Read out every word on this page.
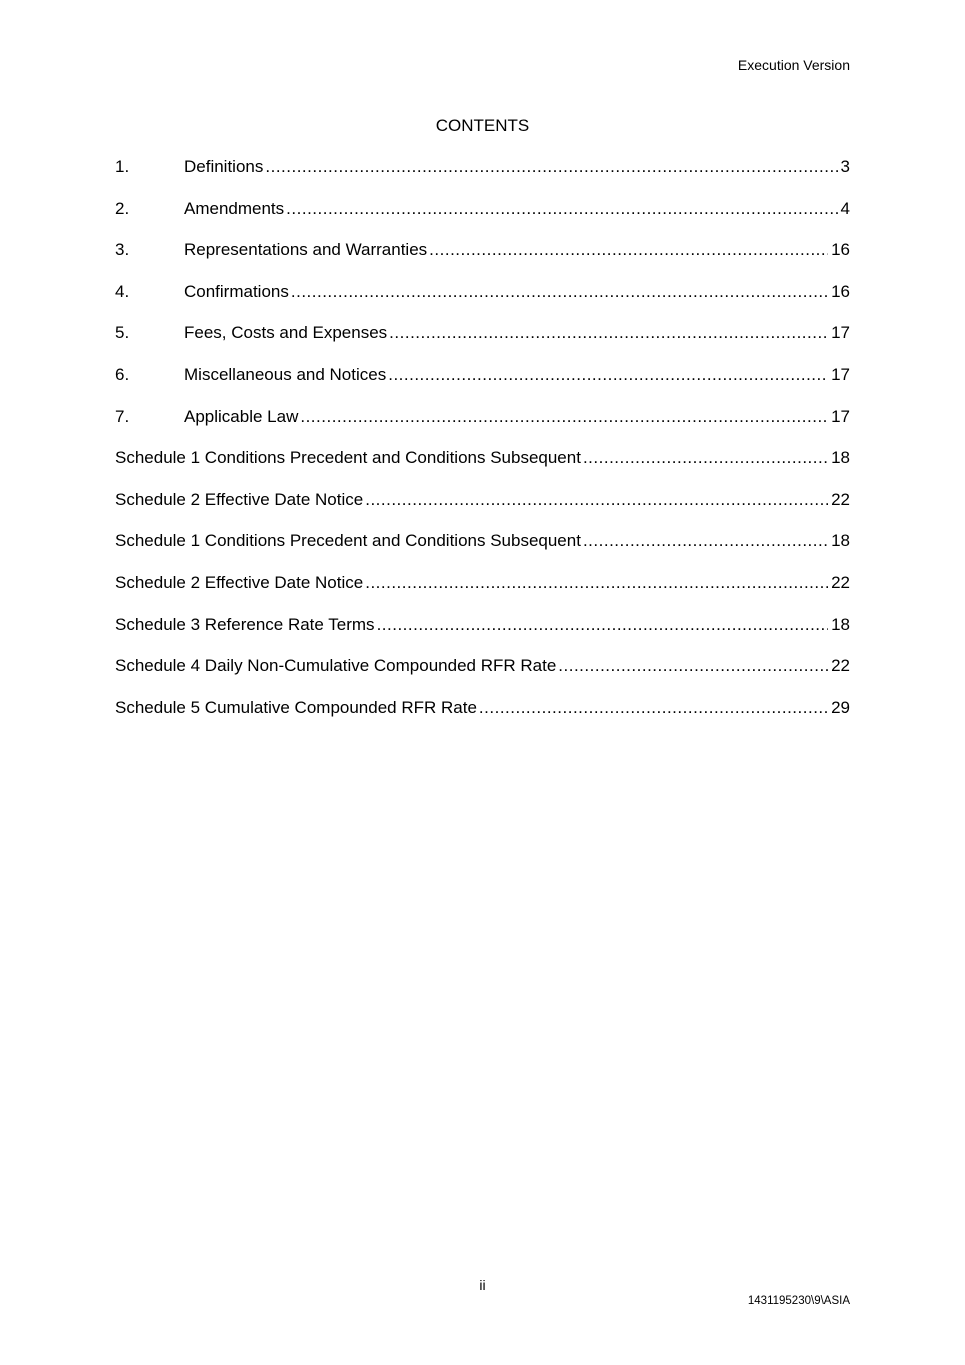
Execution Version
CONTENTS
1.	Definitions .....	3
2.	Amendments .....	4
3.	Representations and Warranties .....	16
4.	Confirmations .....	16
5.	Fees, Costs and Expenses .....	17
6.	Miscellaneous and Notices .....	17
7.	Applicable Law .....	17
Schedule 1 Conditions Precedent and Conditions Subsequent .....	18
Schedule 2 Effective Date Notice .....	22
Schedule 1 Conditions Precedent and Conditions Subsequent .....	18
Schedule 2 Effective Date Notice .....	22
Schedule 3 Reference Rate Terms .....	18
Schedule 4 Daily Non-Cumulative Compounded RFR Rate .....	22
Schedule 5 Cumulative Compounded RFR Rate .....	29
ii
1431195230\9\ASIA
